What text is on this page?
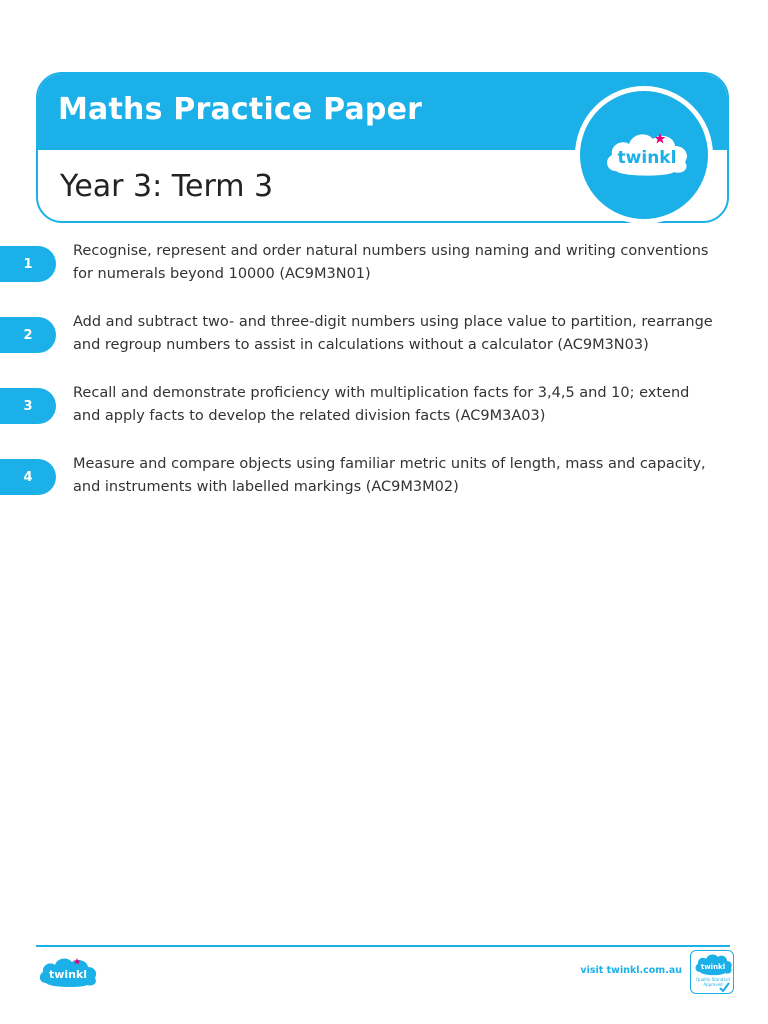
Maths Practice Paper
Year 3: Term 3
twinkl
1
Recognise, represent and order natural numbers using naming and writing conventions
for numerals beyond 10000 (AC9M3N01)
2
Add and subtract two- and three-digit numbers using place value to partition, rearrange
and regroup numbers to assist in calculations without a calculator (AC9M3N03)
3
Recall and demonstrate proficiency with multiplication facts for 3,4,5 and 10; extend
and apply facts to develop the related division facts (AC9M3A03)
4
Measure and compare objects using familiar metric units of length, mass and capacity,
and instruments with labelled markings (AC9M3M02)
twinkl	visit twinkl.com.au	twinkl
Quality Standard Approved
